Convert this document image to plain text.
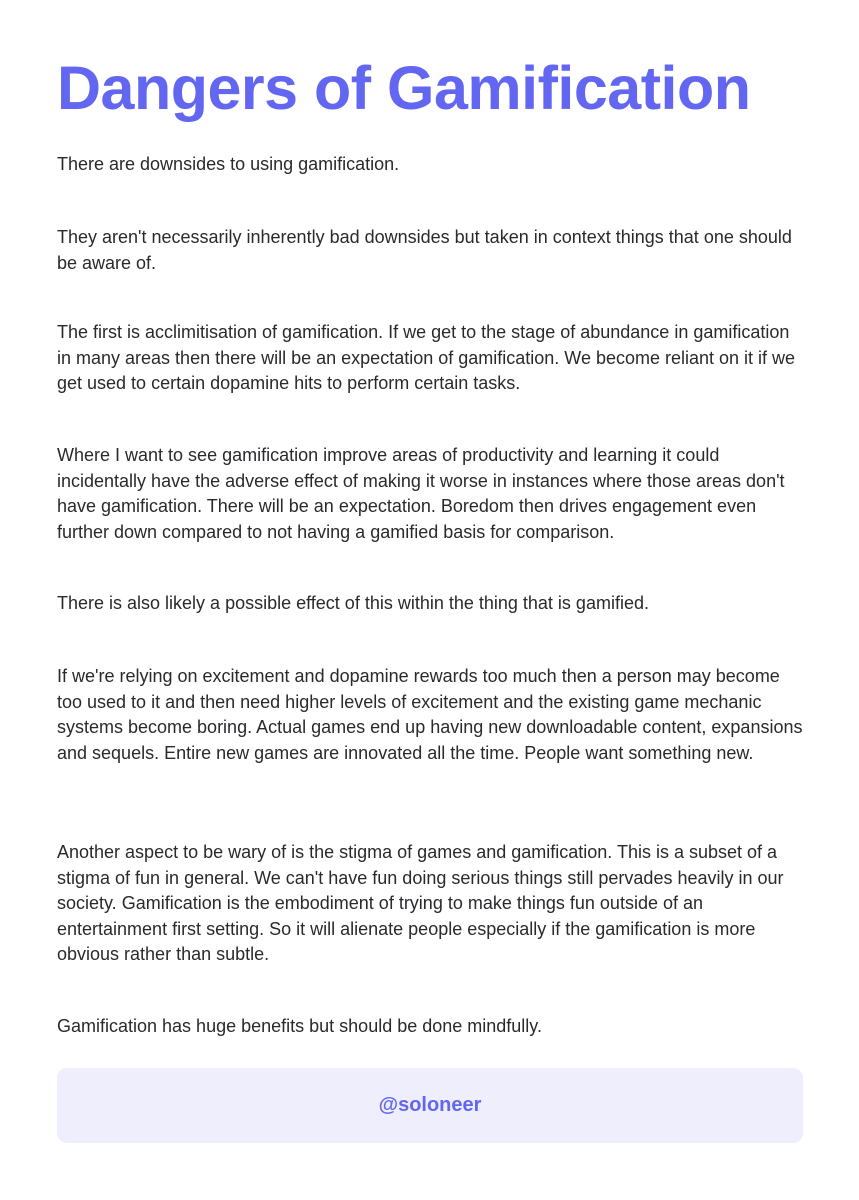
Dangers of Gamification

There are downsides to using gamification.

They aren't necessarily inherently bad downsides but taken in context things that one should be aware of.

The first is acclimitisation of gamification. If we get to the stage of abundance in gamification in many areas then there will be an expectation of gamification. We become reliant on it if we get used to certain dopamine hits to perform certain tasks.

Where I want to see gamification improve areas of productivity and learning it could incidentally have the adverse effect of making it worse in instances where those areas don't have gamification. There will be an expectation. Boredom then drives engagement even further down compared to not having a gamified basis for comparison.

There is also likely a possible effect of this within the thing that is gamified.

If we're relying on excitement and dopamine rewards too much then a person may become too used to it and then need higher levels of excitement and the existing game mechanic systems become boring. Actual games end up having new downloadable content, expansions and sequels. Entire new games are innovated all the time. People want something new.

Another aspect to be wary of is the stigma of games and gamification. This is a subset of a stigma of fun in general. We can't have fun doing serious things still pervades heavily in our society. Gamification is the embodiment of trying to make things fun outside of an entertainment first setting. So it will alienate people especially if the gamification is more obvious rather than subtle.

Gamification has huge benefits but should be done mindfully.

@soloneer
